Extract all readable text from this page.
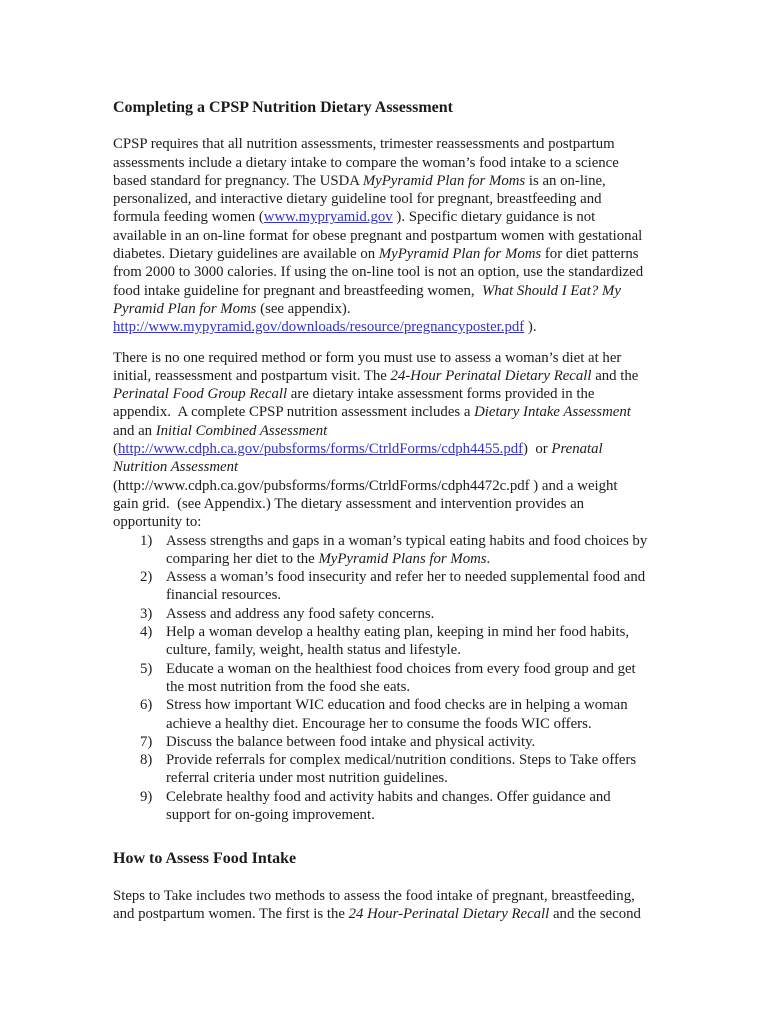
Completing a CPSP Nutrition Dietary Assessment
CPSP requires that all nutrition assessments, trimester reassessments and postpartum
assessments include a dietary intake to compare the woman’s food intake to a science
based standard for pregnancy. The USDA MyPyramid Plan for Moms is an on-line,
personalized, and interactive dietary guideline tool for pregnant, breastfeeding and
formula feeding women (www.mypryamid.gov ). Specific dietary guidance is not
available in an on-line format for obese pregnant and postpartum women with gestational
diabetes. Dietary guidelines are available on MyPyramid Plan for Moms for diet patterns
from 2000 to 3000 calories. If using the on-line tool is not an option, use the standardized
food intake guideline for pregnant and breastfeeding women,  What Should I Eat? My
Pyramid Plan for Moms (see appendix).
http://www.mypyramid.gov/downloads/resource/pregnancyposter.pdf ).
There is no one required method or form you must use to assess a woman’s diet at her
initial, reassessment and postpartum visit. The 24-Hour Perinatal Dietary Recall and the
Perinatal Food Group Recall are dietary intake assessment forms provided in the
appendix.  A complete CPSP nutrition assessment includes a Dietary Intake Assessment
and an Initial Combined Assessment
(http://www.cdph.ca.gov/pubsforms/forms/CtrldForms/cdph4455.pdf)  or Prenatal
Nutrition Assessment
(http://www.cdph.ca.gov/pubsforms/forms/CtrldForms/cdph4472c.pdf ) and a weight
gain grid.  (see Appendix.) The dietary assessment and intervention provides an
opportunity to:
1) Assess strengths and gaps in a woman’s typical eating habits and food choices by
comparing her diet to the MyPyramid Plans for Moms.
2) Assess a woman’s food insecurity and refer her to needed supplemental food and
financial resources.
3) Assess and address any food safety concerns.
4) Help a woman develop a healthy eating plan, keeping in mind her food habits,
culture, family, weight, health status and lifestyle.
5) Educate a woman on the healthiest food choices from every food group and get
the most nutrition from the food she eats.
6) Stress how important WIC education and food checks are in helping a woman
achieve a healthy diet. Encourage her to consume the foods WIC offers.
7) Discuss the balance between food intake and physical activity.
8) Provide referrals for complex medical/nutrition conditions. Steps to Take offers
referral criteria under most nutrition guidelines.
9) Celebrate healthy food and activity habits and changes. Offer guidance and
support for on-going improvement.
How to Assess Food Intake
Steps to Take includes two methods to assess the food intake of pregnant, breastfeeding,
and postpartum women. The first is the 24 Hour-Perinatal Dietary Recall and the second
